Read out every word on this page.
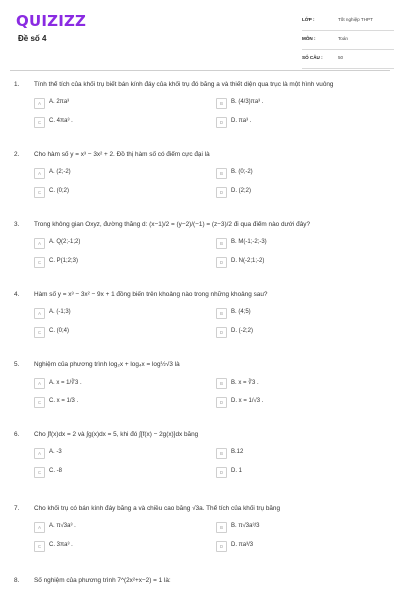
QUIZIZZ
Đề số 4
LỚP :	Tốt nghiệp THPT
MÔN :	Toán
SỐ CÂU :	50
1. Tính thể tích của khối trụ biết bán kính đáy của khối trụ đó bằng a và thiết diện qua trục là một hình vuông
A	A. 2πa³	B	B. (4/3)πa³ .
C	C. 4πa³ .	D	D. πa³ .
2. Cho hàm số y = x³ − 3x² + 2. Đồ thị hàm số có điểm cực đại là
A	A. (2;-2)	B	B. (0;-2)
C	C. (0;2)	D	D. (2;2)
3. Trong không gian Oxyz, đường thẳng d: (x−1)/2 = (y−2)/(−1) = (z−3)/2 đi qua điểm nào dưới đây?
A	A. Q(2;-1;2)	B	B. M(-1;-2;-3)
C	C. P(1;2;3)	D	D. N(-2;1;-2)
4. Hàm số y = x³ − 3x² − 9x + 1 đồng biến trên khoảng nào trong những khoảng sau?
A	A. (-1;3)	B	B. (4;5)
C	C. (0;4)	D	D. (-2;2)
5. Nghiệm của phương trình log₂x + log₄x = log½√3 là
A	A. x = 1/∛3 .	B	B. x = ∛3 .
C	C. x = 1/3 .	D	D. x = 1/√3 .
6. Cho ∫f(x)dx = 2 và ∫g(x)dx = 5, khi đó ∫[f(x) − 2g(x)]dx bằng
A	A. -3	B	B.12
C	C. -8	D	D. 1
7. Cho khối trụ có bán kính đáy bằng a và chiều cao bằng √3a. Thể tích của khối trụ bằng
A	A. π√3a³ .	B	B. π√3a³/3
C	C. 3πa³ .	D	D. πa³/3
8. Số nghiệm của phương trình 7^(2x²+x−2) = 1 là:
